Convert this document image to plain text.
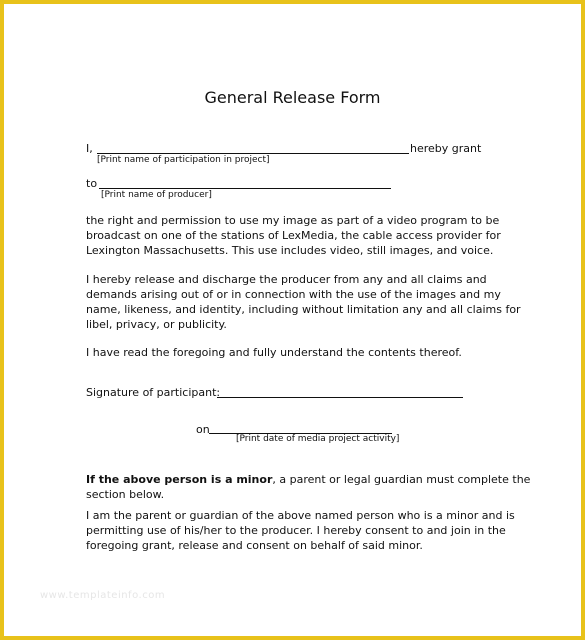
General Release Form
I,	hereby grant
[Print name of participation in project]
to
[Print name of producer]
the right and permission to use my image as part of a video program to be
broadcast on one of the stations of LexMedia, the cable access provider for
Lexington Massachusetts. This use includes video, still images, and voice.
I hereby release and discharge the producer from any and all claims and
demands arising out of or in connection with the use of the images and my
name, likeness, and identity, including without limitation any and all claims for
libel, privacy, or publicity.
I have read the foregoing and fully understand the contents thereof.
Signature of participant:
on
[Print date of media project activity]
If the above person is a minor, a parent or legal guardian must complete the
section below.
I am the parent or guardian of the above named person who is a minor and is
permitting use of his/her to the producer. I hereby consent to and join in the
foregoing grant, release and consent on behalf of said minor.
www.templateinfo.com
